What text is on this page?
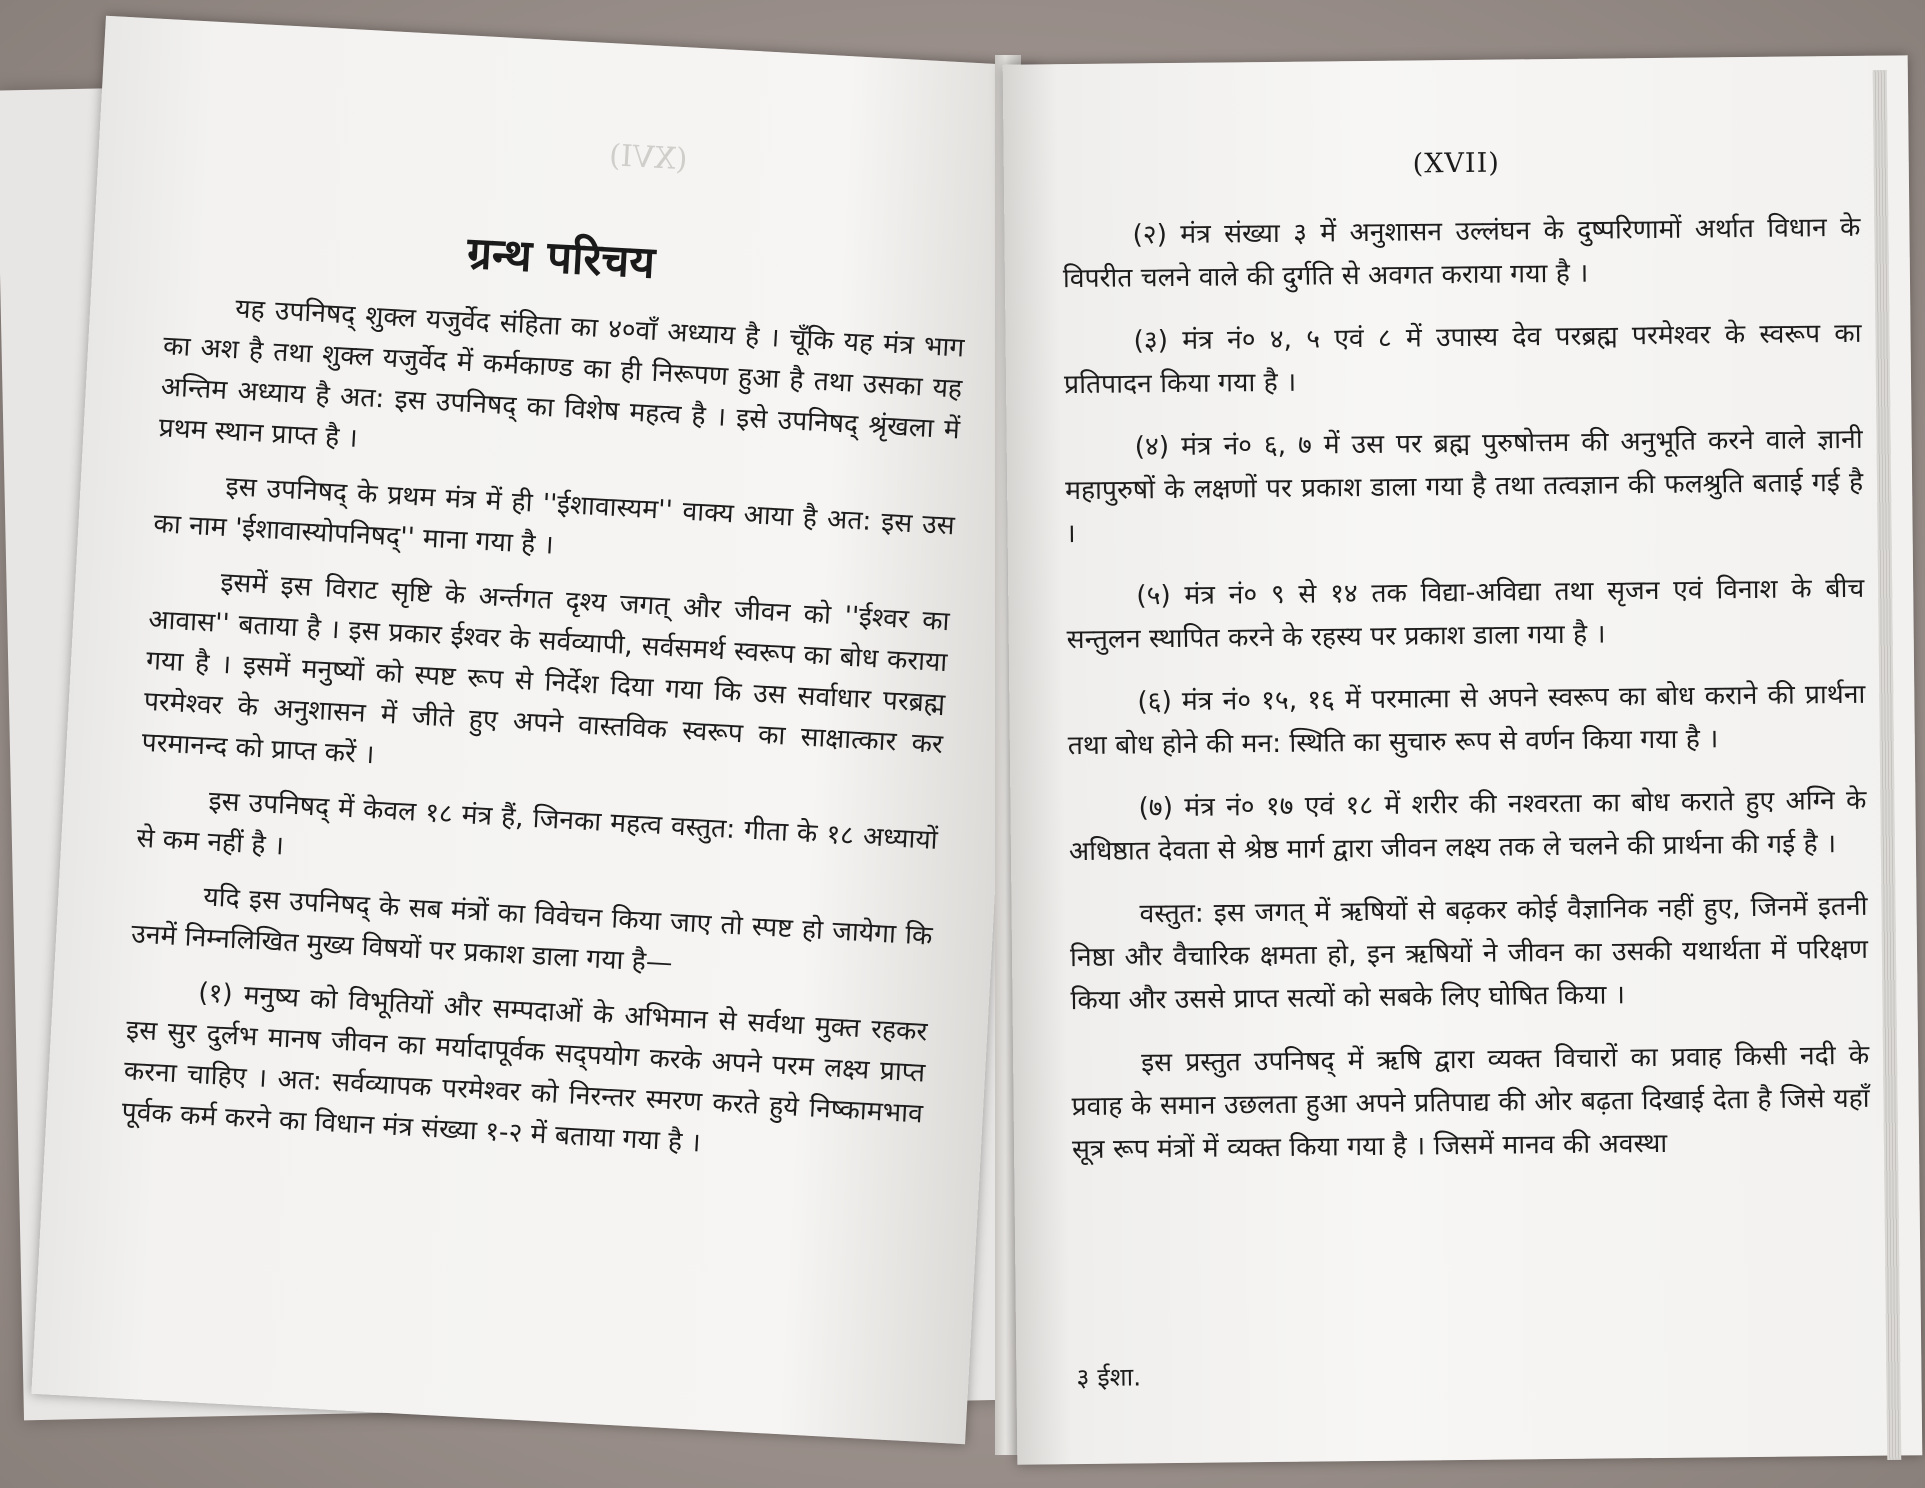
(XVI)
ग्रन्थ परिचय

यह उपनिषद् शुक्ल यजुर्वेद संहिता का ४०वाँ अध्याय है । चूँकि यह मंत्र भाग का अश है तथा शुक्ल यजुर्वेद में कर्मकाण्ड का ही निरूपण हुआ है तथा उसका यह अन्तिम अध्याय है अत: इस उपनिषद् का विशेष महत्व है । इसे उपनिषद् श्रृंखला में प्रथम स्थान प्राप्त है ।

इस उपनिषद् के प्रथम मंत्र में ही ''ईशावास्यम'' वाक्य आया है अत: इस उस का नाम 'ईशावास्योपनिषद्'' माना गया है ।

इसमें इस विराट सृष्टि के अर्न्तगत दृश्य जगत् और जीवन को ''ईश्वर का आवास'' बताया है । इस प्रकार ईश्वर के सर्वव्यापी, सर्वसमर्थ स्वरूप का बोध कराया गया है । इसमें मनुष्यों को स्पष्ट रूप से निर्देश दिया गया कि उस सर्वाधार परब्रह्म परमेश्वर के अनुशासन में जीते हुए अपने वास्तविक स्वरूप का साक्षात्कार कर परमानन्द को प्राप्त करें ।

इस उपनिषद् में केवल १८ मंत्र हैं, जिनका महत्व वस्तुत: गीता के १८ अध्यायों से कम नहीं है ।

यदि इस उपनिषद् के सब मंत्रों का विवेचन किया जाए तो स्पष्ट हो जायेगा कि उनमें निम्नलिखित मुख्य विषयों पर प्रकाश डाला गया है—

(१) मनुष्य को विभूतियों और सम्पदाओं के अभिमान से सर्वथा मुक्त रहकर इस सुर दुर्लभ मानष जीवन का मर्यादापूर्वक सद्पयोग करके अपने परम लक्ष्य प्राप्त करना चाहिए । अत: सर्वव्यापक परमेश्वर को निरन्तर स्मरण करते हुये निष्कामभाव पूर्वक कर्म करने का विधान मंत्र संख्या १-२ में बताया गया है ।

(XVII)

(२) मंत्र संख्या ३ में अनुशासन उल्लंघन के दुष्परिणामों अर्थात विधान के विपरीत चलने वाले की दुर्गति से अवगत कराया गया है ।

(३) मंत्र नं० ४, ५ एवं ८ में उपास्य देव परब्रह्म परमेश्वर के स्वरूप का प्रतिपादन किया गया है ।

(४) मंत्र नं० ६, ७ में उस पर ब्रह्म पुरुषोत्तम की अनुभूति करने वाले ज्ञानी महापुरुषों के लक्षणों पर प्रकाश डाला गया है तथा तत्वज्ञान की फलश्रुति बताई गई है ।

(५) मंत्र नं० ९ से १४ तक विद्या-अविद्या तथा सृजन एवं विनाश के बीच सन्तुलन स्थापित करने के रहस्य पर प्रकाश डाला गया है ।

(६) मंत्र नं० १५, १६ में परमात्मा से अपने स्वरूप का बोध कराने की प्रार्थना तथा बोध होने की मन: स्थिति का सुचारु रूप से वर्णन किया गया है ।

(७) मंत्र नं० १७ एवं १८ में शरीर की नश्वरता का बोध कराते हुए अग्नि के अधिष्ठात देवता से श्रेष्ठ मार्ग द्वारा जीवन लक्ष्य तक ले चलने की प्रार्थना की गई है ।

वस्तुत: इस जगत् में ऋषियों से बढ़कर कोई वैज्ञानिक नहीं हुए, जिनमें इतनी निष्ठा और वैचारिक क्षमता हो, इन ऋषियों ने जीवन का उसकी यथार्थता में परिक्षण किया और उससे प्राप्त सत्यों को सबके लिए घोषित किया ।

इस प्रस्तुत उपनिषद् में ऋषि द्वारा व्यक्त विचारों का प्रवाह किसी नदी के प्रवाह के समान उछलता हुआ अपने प्रतिपाद्य की ओर बढ़ता दिखाई देता है जिसे यहाँ सूत्र रूप मंत्रों में व्यक्त किया गया है । जिसमें मानव की अवस्था

३ ईशा.
